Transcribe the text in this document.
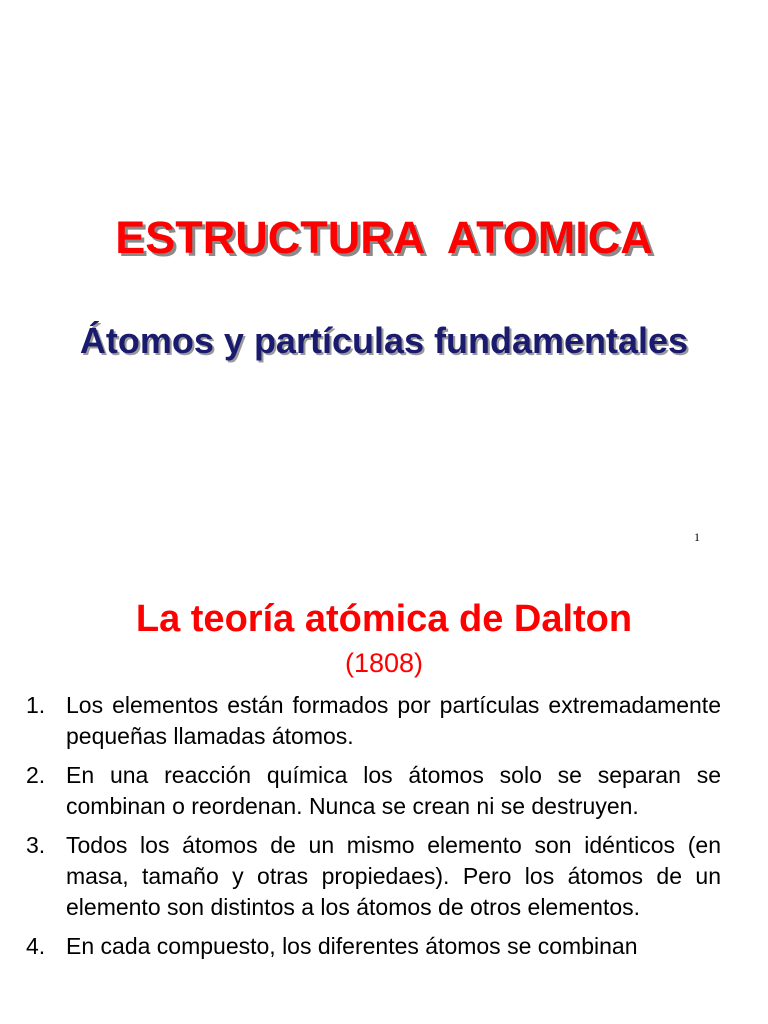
ESTRUCTURA  ATOMICA
Átomos y partículas fundamentales
1
La teoría atómica de Dalton
(1808)
1. Los elementos están formados por partículas extremadamente pequeñas llamadas átomos.
2. En una reacción química los átomos solo se separan se combinan o reordenan. Nunca se crean ni se destruyen.
3. Todos los átomos de un mismo elemento son idénticos (en masa, tamaño y otras propiedaes). Pero los átomos de un elemento son distintos a los átomos de otros elementos.
4. En cada compuesto, los diferentes átomos se combinan
